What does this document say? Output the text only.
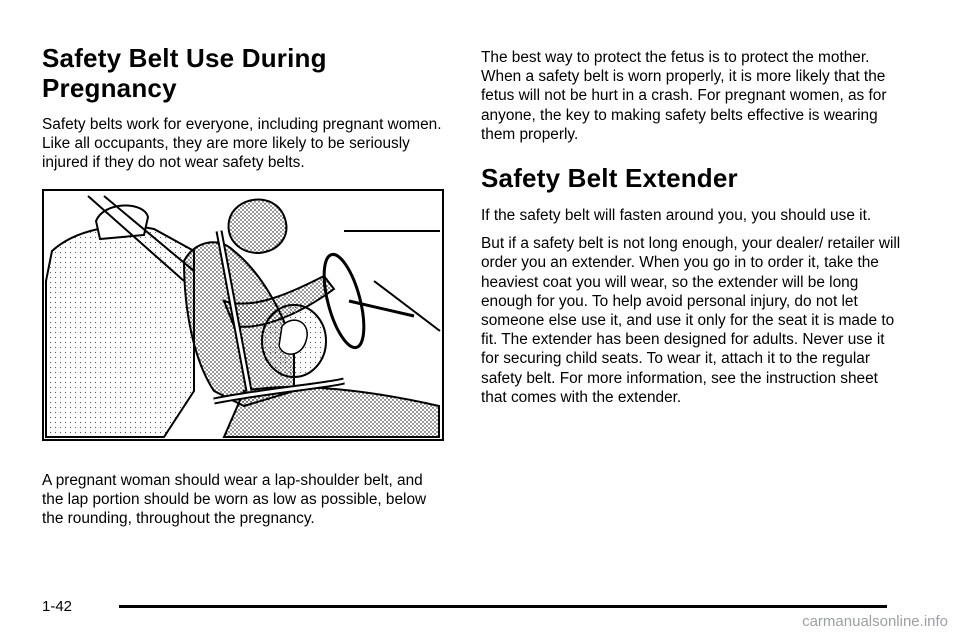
Safety Belt Use During Pregnancy

Safety belts work for everyone, including pregnant women. Like all occupants, they are more likely to be seriously injured if they do not wear safety belts.

A pregnant woman should wear a lap-shoulder belt, and the lap portion should be worn as low as possible, below the rounding, throughout the pregnancy.

The best way to protect the fetus is to protect the mother. When a safety belt is worn properly, it is more likely that the fetus will not be hurt in a crash. For pregnant women, as for anyone, the key to making safety belts effective is wearing them properly.

Safety Belt Extender

If the safety belt will fasten around you, you should use it.

But if a safety belt is not long enough, your dealer/ retailer will order you an extender. When you go in to order it, take the heaviest coat you will wear, so the extender will be long enough for you. To help avoid personal injury, do not let someone else use it, and use it only for the seat it is made to fit. The extender has been designed for adults. Never use it for securing child seats. To wear it, attach it to the regular safety belt. For more information, see the instruction sheet that comes with the extender.

1-42
carmanualsonline.info
